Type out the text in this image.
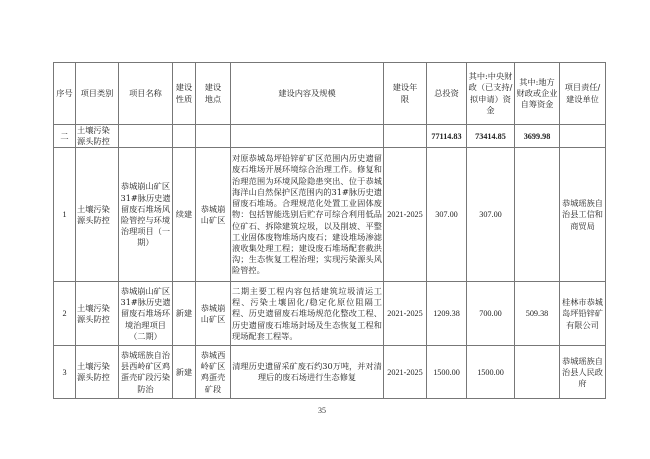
序号	项目类别	项目名称	建设性质	建设地点	建设内容及规模	建设年限	总投资	其中:中央财政（已支持/拟申请）资金	其中:地方财政或企业自筹资金	项目责任/建设单位
二	土壤污染源头防控						77114.83	73414.85	3699.98	
1	土壤污染源头防控	恭城崩山矿区31#脉历史遗留废石堆场风险管控与环境治理项目（一期）	续建	恭城崩山矿区	对原恭城岛坪铅锌矿矿区范围内历史遗留废石堆场开展环境综合治理工作。修复和治理范围为环境风险隐患突出、位于恭城海洋山自然保护区范围内的31#脉历史遗留废石堆场。合理规范化处置工业固体废物：包括智能选别后贮存可综合利用低品位矿石、拆除建筑垃圾，以及削坡、平整工业固体废物堆场内废石；建设堆场渗滤液收集处理工程；建设废石堆场配套截洪沟；生态恢复工程治理；实现污染源头风险管控。	2021-2025	307.00	307.00		恭城瑶族自治县工信和商贸局
2	土壤污染源头防控	恭城崩山矿区31#脉历史遗留废石堆场环境治理项目（二期）	新建	恭城崩山矿区	二期主要工程内容包括建筑垃圾清运工程、污染土壤固化/稳定化原位阻隔工程、历史遗留废石堆场规范化整改工程、历史遗留废石堆场封场及生态恢复工程和现场配套工程等。	2021-2025	1209.38	700.00	509.38	桂林市恭城岛坪铅锌矿有限公司
3	土壤污染源头防控	恭城瑶族自治县西岭矿区鸡蛋壳矿段污染防治	新建	恭城西岭矿区鸡蛋壳矿段	清理历史遗留采矿废石约30万吨，并对清理后的废石场进行生态修复	2021-2025	1500.00	1500.00		恭城瑶族自治县人民政府
35
